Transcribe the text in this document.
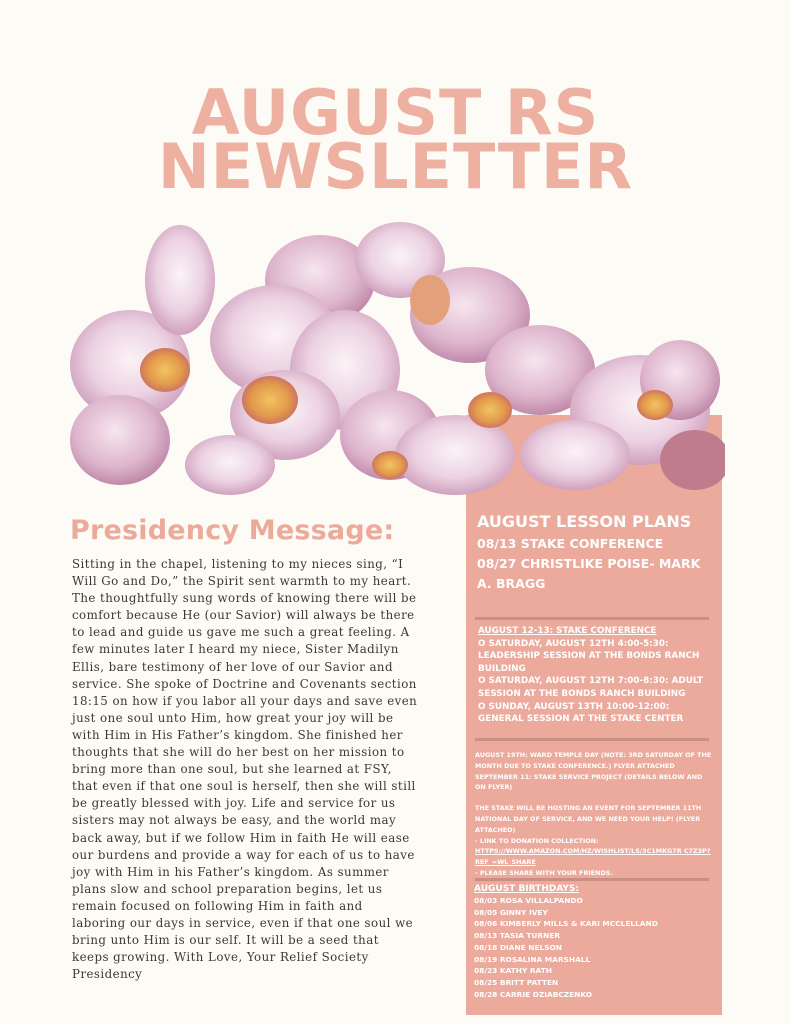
AUGUST RS
NEWSLETTER
Presidency Message:

Sitting in the chapel, listening to my nieces sing, “I Will Go and Do,” the Spirit sent warmth to my heart. The thoughtfully sung words of knowing there will be comfort because He (our Savior) will always be there to lead and guide us gave me such a great feeling. A few minutes later I heard my niece, Sister Madilyn Ellis, bare testimony of her love of our Savior and service. She spoke of Doctrine and Covenants section 18:15 on how if you labor all your days and save even just one soul unto Him, how great your joy will be with Him in His Father’s kingdom. She finished her thoughts that she will do her best on her mission to bring more than one soul, but she learned at FSY, that even if that one soul is herself, then she will still be greatly blessed with joy. Life and service for us sisters may not always be easy, and the world may back away, but if we follow Him in faith He will ease our burdens and provide a way for each of us to have joy with Him in his Father’s kingdom. As summer plans slow and school preparation begins, let us remain focused on following Him in faith and laboring our days in service, even if that one soul we bring unto Him is our self. It will be a seed that keeps growing. With Love, Your Relief Society Presidency

AUGUST LESSON PLANS
08/13 STAKE CONFERENCE
08/27 CHRISTLIKE POISE- MARK A. BRAGG
AUGUST 12-13: STAKE CONFERENCE
O SATURDAY, AUGUST 12TH 4:00-5:30: LEADERSHIP SESSION AT THE BONDS RANCH BUILDING
O SATURDAY, AUGUST 12TH 7:00-8:30: ADULT SESSION AT THE BONDS RANCH BUILDING
O SUNDAY, AUGUST 13TH 10:00-12:00: GENERAL SESSION AT THE STAKE CENTER
AUGUST 19TH: WARD TEMPLE DAY (NOTE: 3RD SATURDAY OF THE MONTH DUE TO STAKE CONFERENCE.) FLYER ATTACHED
SEPTEMBER 11: STAKE SERVICE PROJECT (DETAILS BELOW AND ON FLYER)
THE STAKE WILL BE HOSTING AN EVENT FOR SEPTEMBER 11TH NATIONAL DAY OF SERVICE, AND WE NEED YOUR HELP! (FLYER ATTACHED)
- LINK TO DONATION COLLECTION:
HTTPS://WWW.AMAZON.COM/HZ/WISHLIST/LS/3C1MKG7R C7Z3P?REF_=WL_SHARE
- PLEASE SHARE WITH YOUR FRIENDS.
AUGUST BIRTHDAYS:
08/03 ROSA VILLALPANDO
08/05 GINNY IVEY
08/06 KIMBERLY MILLS & KARI MCCLELLAND
08/13 TASIA TURNER
08/18 DIANE NELSON
08/19 ROSALINA MARSHALL
08/23 KATHY RATH
08/25 BRITT PATTEN
08/28 CARRIE DZIABCZENKO
